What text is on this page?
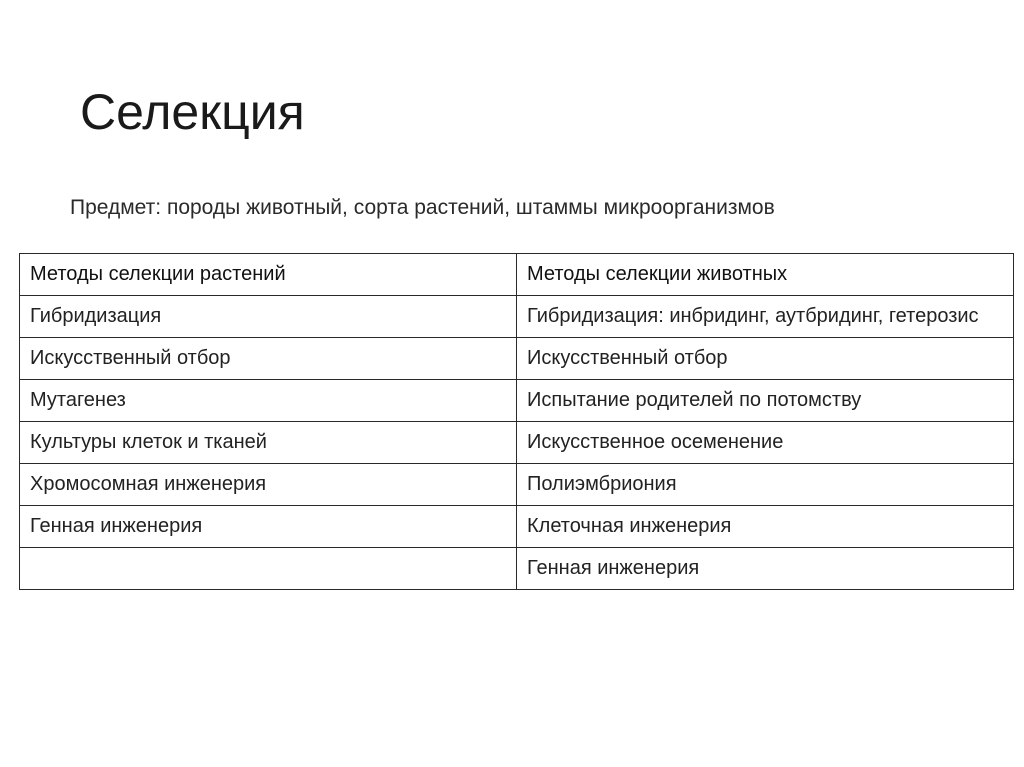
Селекция
Предмет: породы животный, сорта растений, штаммы микроорганизмов
Методы селекции растений	Методы селекции животных
Гибридизация	Гибридизация: инбридинг, аутбридинг, гетерозис
Искусственный отбор	Искусственный отбор
Мутагенез	Испытание родителей по потомству
Культуры клеток и тканей	Искусственное осеменение
Хромосомная инженерия	Полиэмбриония
Генная инженерия	Клеточная инженерия
	Генная инженерия
